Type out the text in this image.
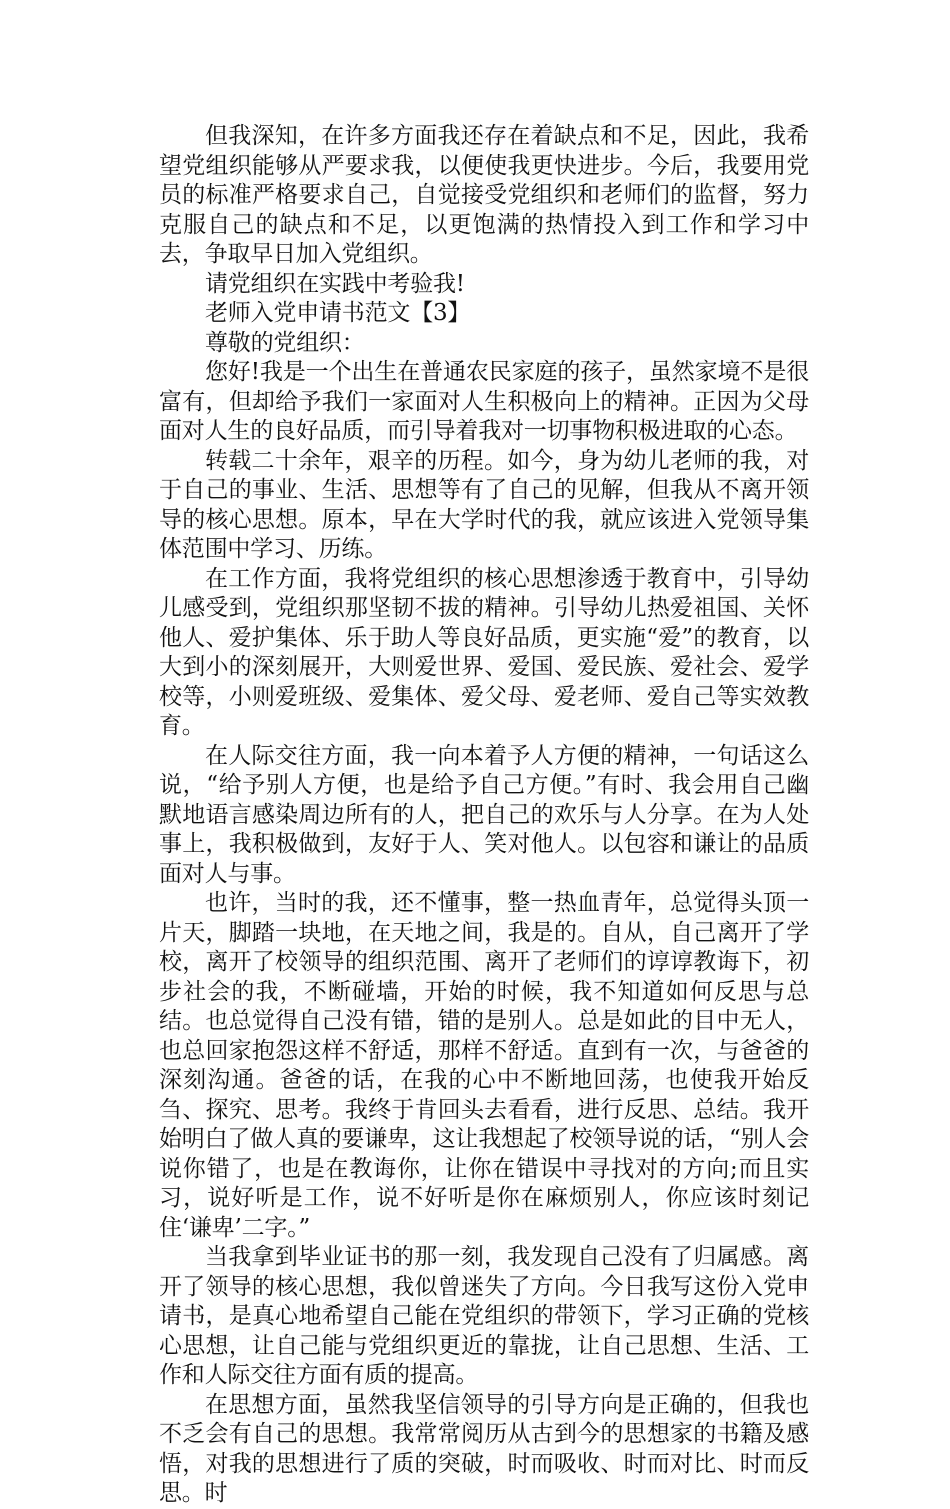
但我深知，在许多方面我还存在着缺点和不足，因此，我希望党组织能够从严要求我，以便使我更快进步。今后，我要用党员的标准严格要求自己，自觉接受党组织和老师们的监督，努力克服自己的缺点和不足，以更饱满的热情投入到工作和学习中去，争取早日加入党组织。

请党组织在实践中考验我!

老师入党申请书范文【3】

尊敬的党组织：

您好!我是一个出生在普通农民家庭的孩子，虽然家境不是很富有，但却给予我们一家面对人生积极向上的精神。正因为父母面对人生的良好品质，而引导着我对一切事物积极进取的心态。

转载二十余年，艰辛的历程。如今，身为幼儿老师的我，对于自己的事业、生活、思想等有了自己的见解，但我从不离开领导的核心思想。原本，早在大学时代的我，就应该进入党领导集体范围中学习、历练。

在工作方面，我将党组织的核心思想渗透于教育中，引导幼儿感受到，党组织那坚韧不拔的精神。引导幼儿热爱祖国、关怀他人、爱护集体、乐于助人等良好品质，更实施“爱”的教育，以大到小的深刻展开，大则爱世界、爱国、爱民族、爱社会、爱学校等，小则爱班级、爱集体、爱父母、爱老师、爱自己等实效教育。

在人际交往方面，我一向本着予人方便的精神，一句话这么说，“给予别人方便，也是给予自己方便。”有时、我会用自己幽默地语言感染周边所有的人，把自己的欢乐与人分享。在为人处事上，我积极做到，友好于人、笑对他人。以包容和谦让的品质面对人与事。

也许，当时的我，还不懂事，整一热血青年，总觉得头顶一片天，脚踏一块地，在天地之间，我是的。自从，自己离开了学校，离开了校领导的组织范围、离开了老师们的谆谆教诲下，初步社会的我，不断碰墙，开始的时候，我不知道如何反思与总结。也总觉得自己没有错，错的是别人。总是如此的目中无人，也总回家抱怨这样不舒适，那样不舒适。直到有一次，与爸爸的深刻沟通。爸爸的话，在我的心中不断地回荡，也使我开始反刍、探究、思考。我终于肯回头去看看，进行反思、总结。我开始明白了做人真的要谦卑，这让我想起了校领导说的话，“别人会说你错了，也是在教诲你，让你在错误中寻找对的方向;而且实习，说好听是工作，说不好听是你在麻烦别人，你应该时刻记住‘谦卑’二字。”

当我拿到毕业证书的那一刻，我发现自己没有了归属感。离开了领导的核心思想，我似曾迷失了方向。今日我写这份入党申请书，是真心地希望自己能在党组织的带领下，学习正确的党核心思想，让自己能与党组织更近的靠拢，让自己思想、生活、工作和人际交往方面有质的提高。

在思想方面，虽然我坚信领导的引导方向是正确的，但我也不乏会有自己的思想。我常常阅历从古到今的思想家的书籍及感悟，对我的思想进行了质的突破，时而吸收、时而对比、时而反思。时
